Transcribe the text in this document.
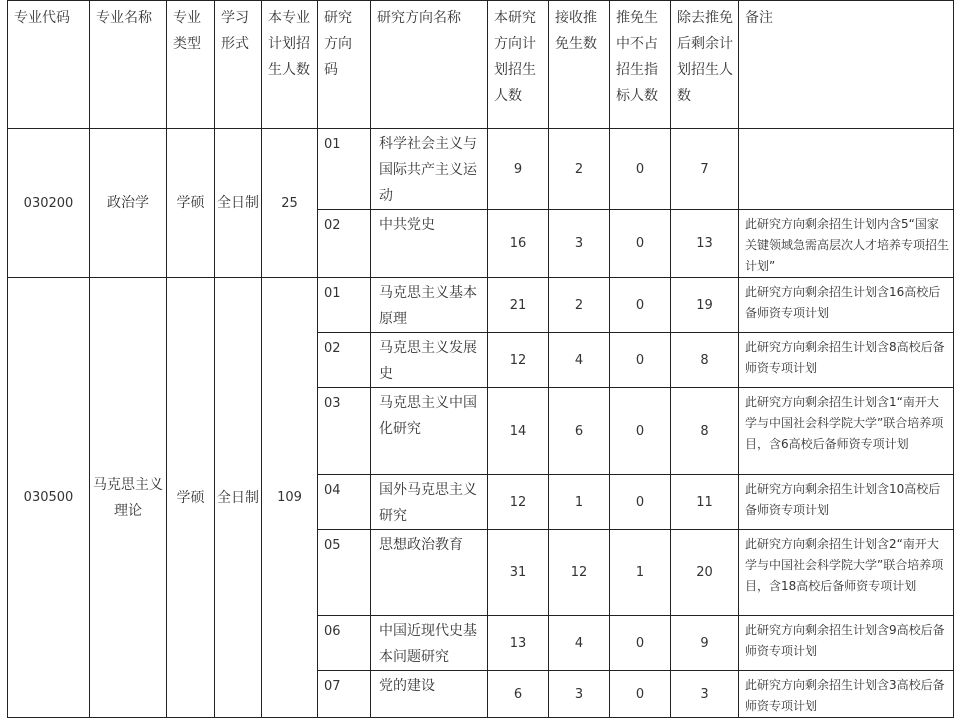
专业代码	专业名称	专业类型	学习形式	本专业计划招生人数	研究方向码	研究方向名称	本研究方向计划招生人数	接收推免生数	推免生中不占招生指标人数	除去推免后剩余计划招生人数	备注
030200	政治学	学硕	全日制	25	01	科学社会主义与国际共产主义运动	9	2	0	7	
					02	中共党史	16	3	0	13	此研究方向剩余招生计划内含5“国家关键领域急需高层次人才培养专项招生计划”
030500	马克思主义理论	学硕	全日制	109	01	马克思主义基本原理	21	2	0	19	此研究方向剩余招生计划含16高校后备师资专项计划
					02	马克思主义发展史	12	4	0	8	此研究方向剩余招生计划含8高校后备师资专项计划
					03	马克思主义中国化研究	14	6	0	8	此研究方向剩余招生计划含1“南开大学与中国社会科学院大学”联合培养项目，含6高校后备师资专项计划
					04	国外马克思主义研究	12	1	0	11	此研究方向剩余招生计划含10高校后备师资专项计划
					05	思想政治教育	31	12	1	20	此研究方向剩余招生计划含2“南开大学与中国社会科学院大学”联合培养项目，含18高校后备师资专项计划
					06	中国近现代史基本问题研究	13	4	0	9	此研究方向剩余招生计划含9高校后备师资专项计划
					07	党的建设	6	3	0	3	此研究方向剩余招生计划含3高校后备师资专项计划
